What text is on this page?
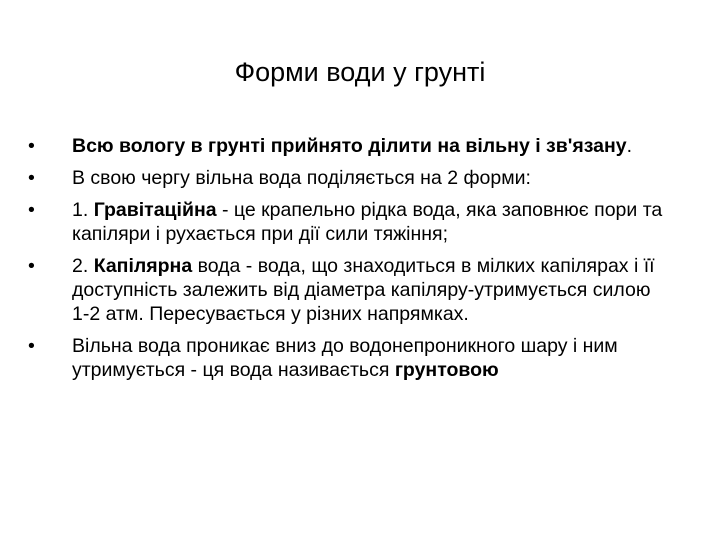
Форми води у грунті
•	Всю вологу в грунті прийнято ділити на вільну і зв'язану.
•	В свою чергу вільна вода поділяється на 2 форми:
•	1. Гравітаційна - це крапельно рідка вода, яка заповнює пори та капіляри і рухається при дії сили тяжіння;
•	2. Капілярна вода - вода, що знаходиться в мілких капілярах і її доступність залежить від діаметра капіляру-утримується силою 1-2 атм. Пересувається у різних напрямках.
•	Вільна вода проникає вниз до водонепроникного шару і ним утримується - ця вода називається грунтовою
